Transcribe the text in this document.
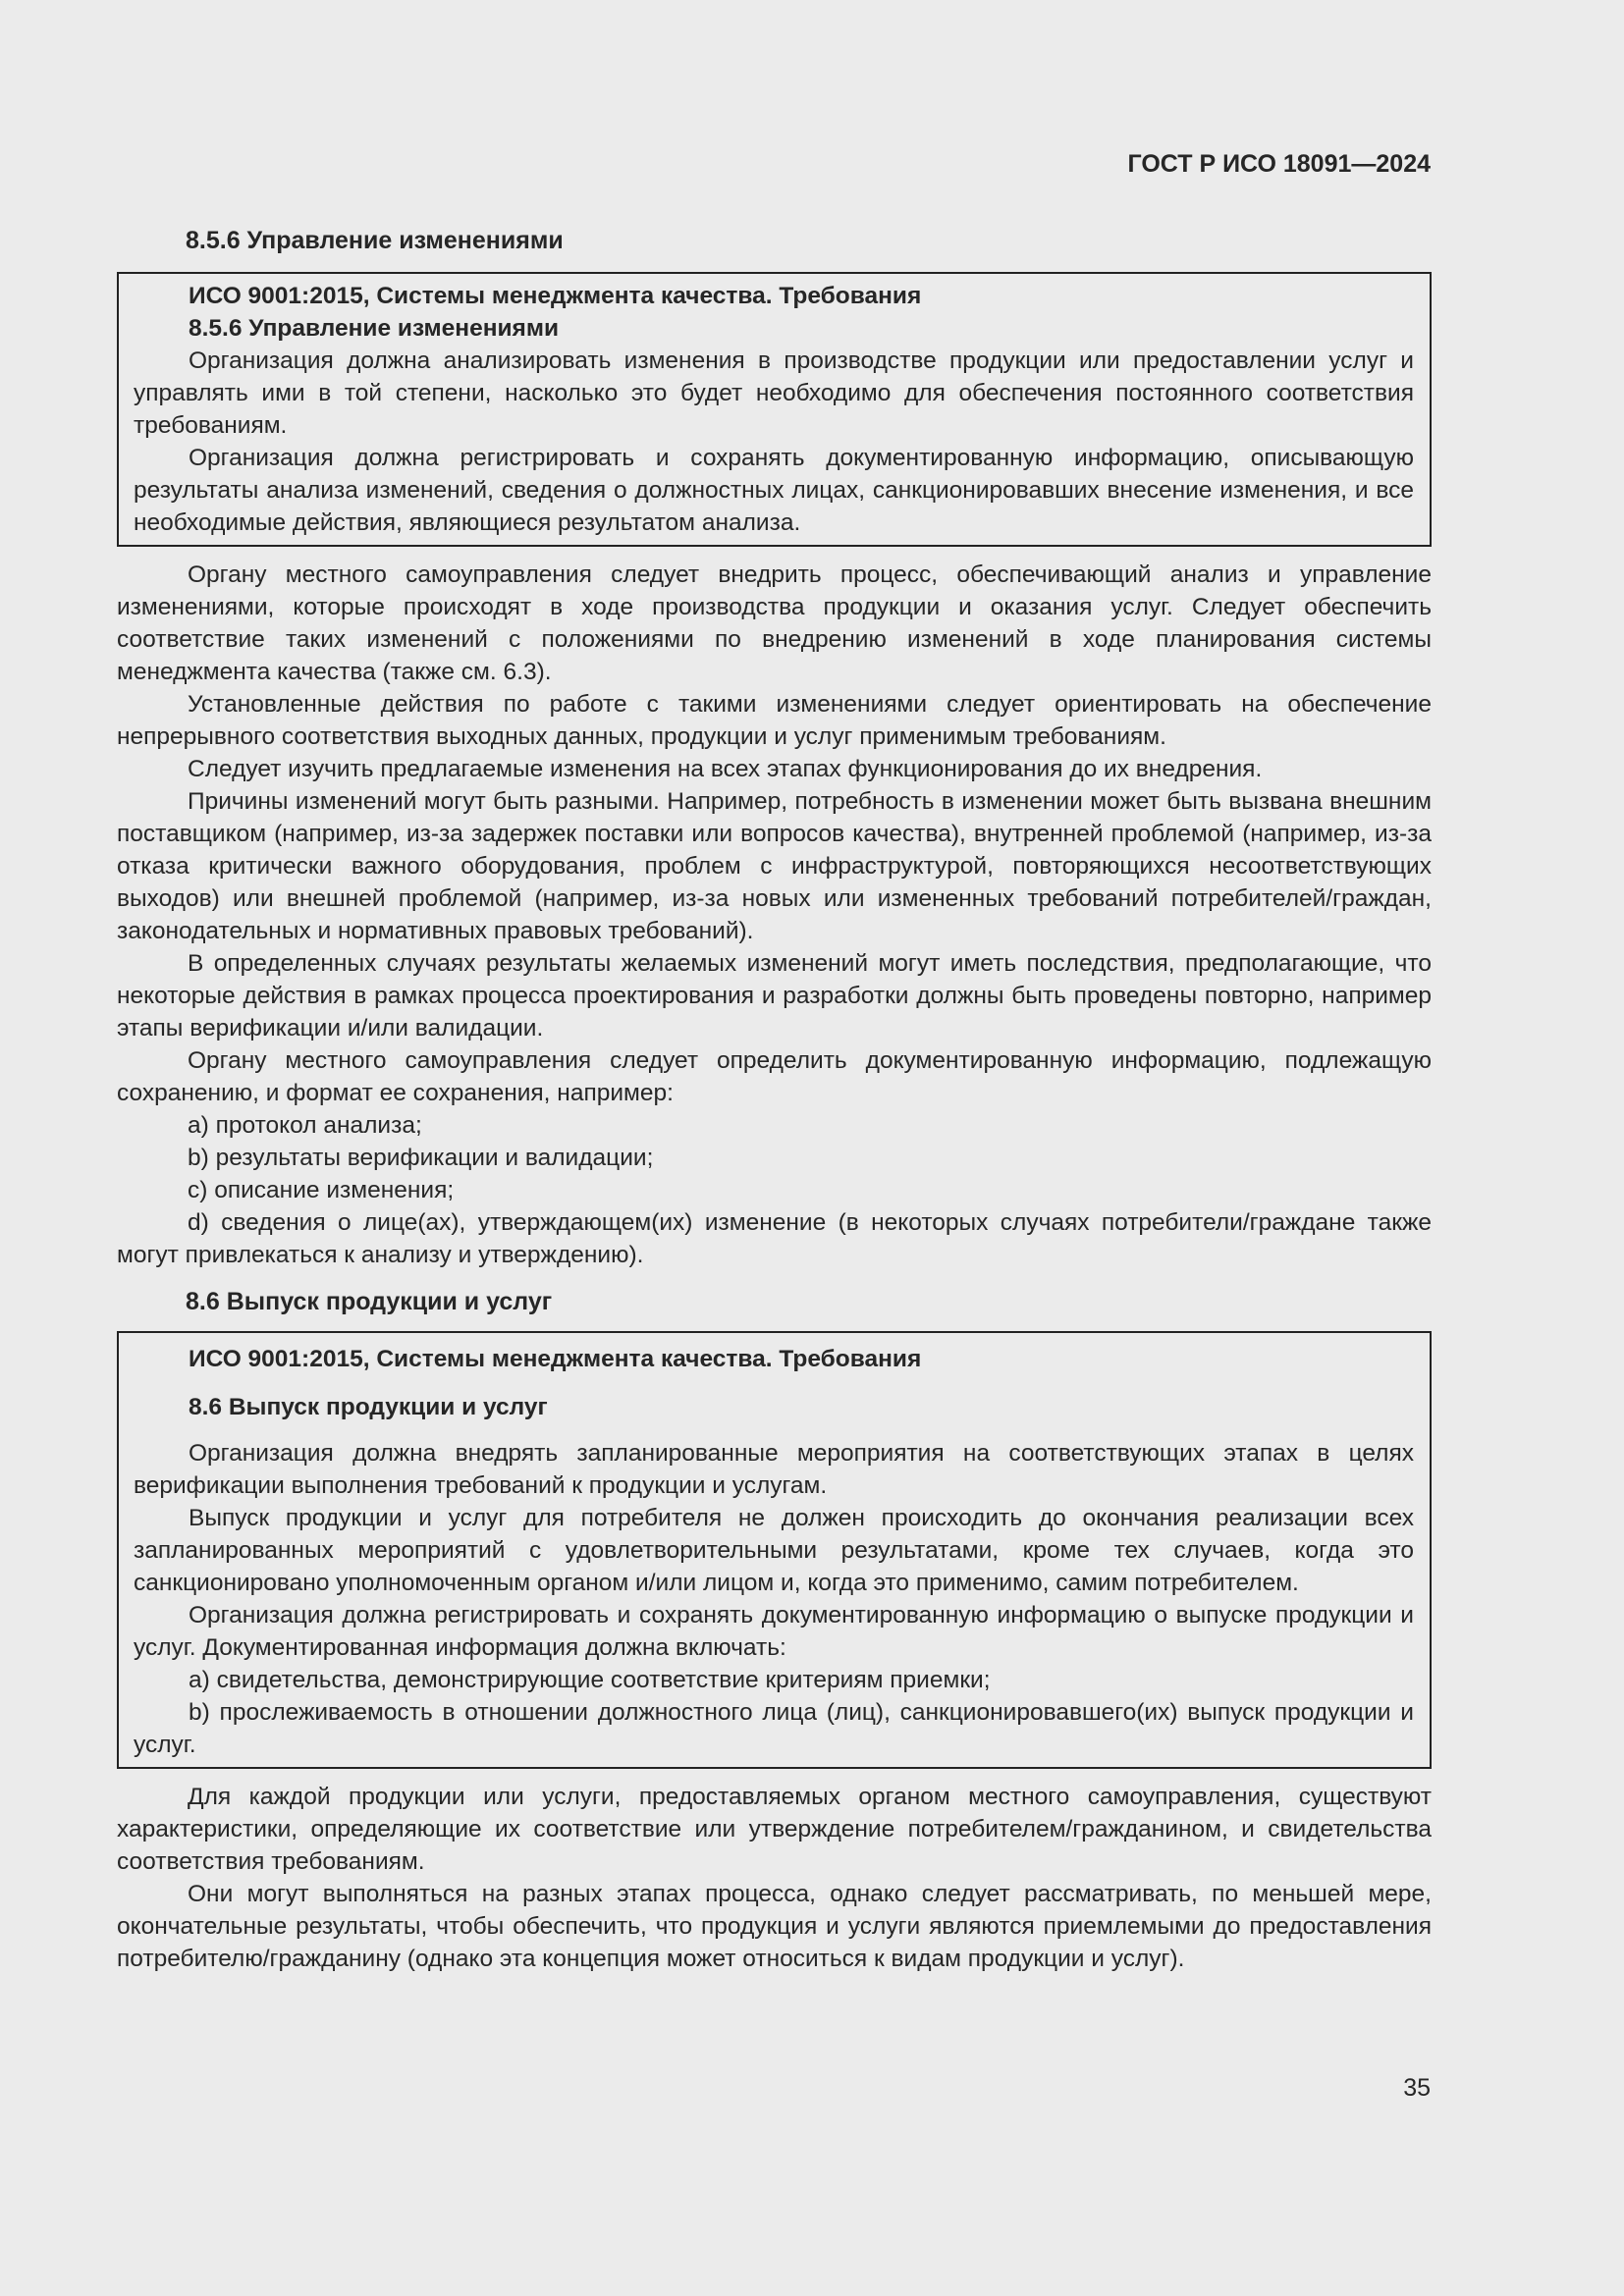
ГОСТ Р ИСО 18091—2024
8.5.6 Управление изменениями
ИСО 9001:2015, Системы менеджмента качества. Требования
8.5.6 Управление изменениями

Организация должна анализировать изменения в производстве продукции или предоставлении услуг и управлять ими в той степени, насколько это будет необходимо для обеспечения постоянного соответствия требованиям.

Организация должна регистрировать и сохранять документированную информацию, описывающую результаты анализа изменений, сведения о должностных лицах, санкционировавших внесение изменения, и все необходимые действия, являющиеся результатом анализа.

Органу местного самоуправления следует внедрить процесс, обеспечивающий анализ и управление изменениями, которые происходят в ходе производства продукции и оказания услуг. Следует обеспечить соответствие таких изменений с положениями по внедрению изменений в ходе планирования системы менеджмента качества (также см. 6.3).

Установленные действия по работе с такими изменениями следует ориентировать на обеспечение непрерывного соответствия выходных данных, продукции и услуг применимым требованиям.

Следует изучить предлагаемые изменения на всех этапах функционирования до их внедрения.

Причины изменений могут быть разными. Например, потребность в изменении может быть вызвана внешним поставщиком (например, из-за задержек поставки или вопросов качества), внутренней проблемой (например, из-за отказа критически важного оборудования, проблем с инфраструктурой, повторяющихся несоответствующих выходов) или внешней проблемой (например, из-за новых или измененных требований потребителей/граждан, законодательных и нормативных правовых требований).

В определенных случаях результаты желаемых изменений могут иметь последствия, предполагающие, что некоторые действия в рамках процесса проектирования и разработки должны быть проведены повторно, например этапы верификации и/или валидации.

Органу местного самоуправления следует определить документированную информацию, подлежащую сохранению, и формат ее сохранения, например:

a) протокол анализа;

b) результаты верификации и валидации;

c) описание изменения;

d) сведения о лице(ах), утверждающем(их) изменение (в некоторых случаях потребители/граждане также могут привлекаться к анализу и утверждению).

8.6 Выпуск продукции и услуг
ИСО 9001:2015, Системы менеджмента качества. Требования
8.6 Выпуск продукции и услуг

Организация должна внедрять запланированные мероприятия на соответствующих этапах в целях верификации выполнения требований к продукции и услугам.

Выпуск продукции и услуг для потребителя не должен происходить до окончания реализации всех запланированных мероприятий с удовлетворительными результатами, кроме тех случаев, когда это санкционировано уполномоченным органом и/или лицом и, когда это применимо, самим потребителем.

Организация должна регистрировать и сохранять документированную информацию о выпуске продукции и услуг. Документированная информация должна включать:

a) свидетельства, демонстрирующие соответствие критериям приемки;

b) прослеживаемость в отношении должностного лица (лиц), санкционировавшего(их) выпуск продукции и услуг.

Для каждой продукции или услуги, предоставляемых органом местного самоуправления, существуют характеристики, определяющие их соответствие или утверждение потребителем/гражданином, и свидетельства соответствия требованиям.

Они могут выполняться на разных этапах процесса, однако следует рассматривать, по меньшей мере, окончательные результаты, чтобы обеспечить, что продукция и услуги являются приемлемыми до предоставления потребителю/гражданину (однако эта концепция может относиться к видам продукции и услуг).

35
